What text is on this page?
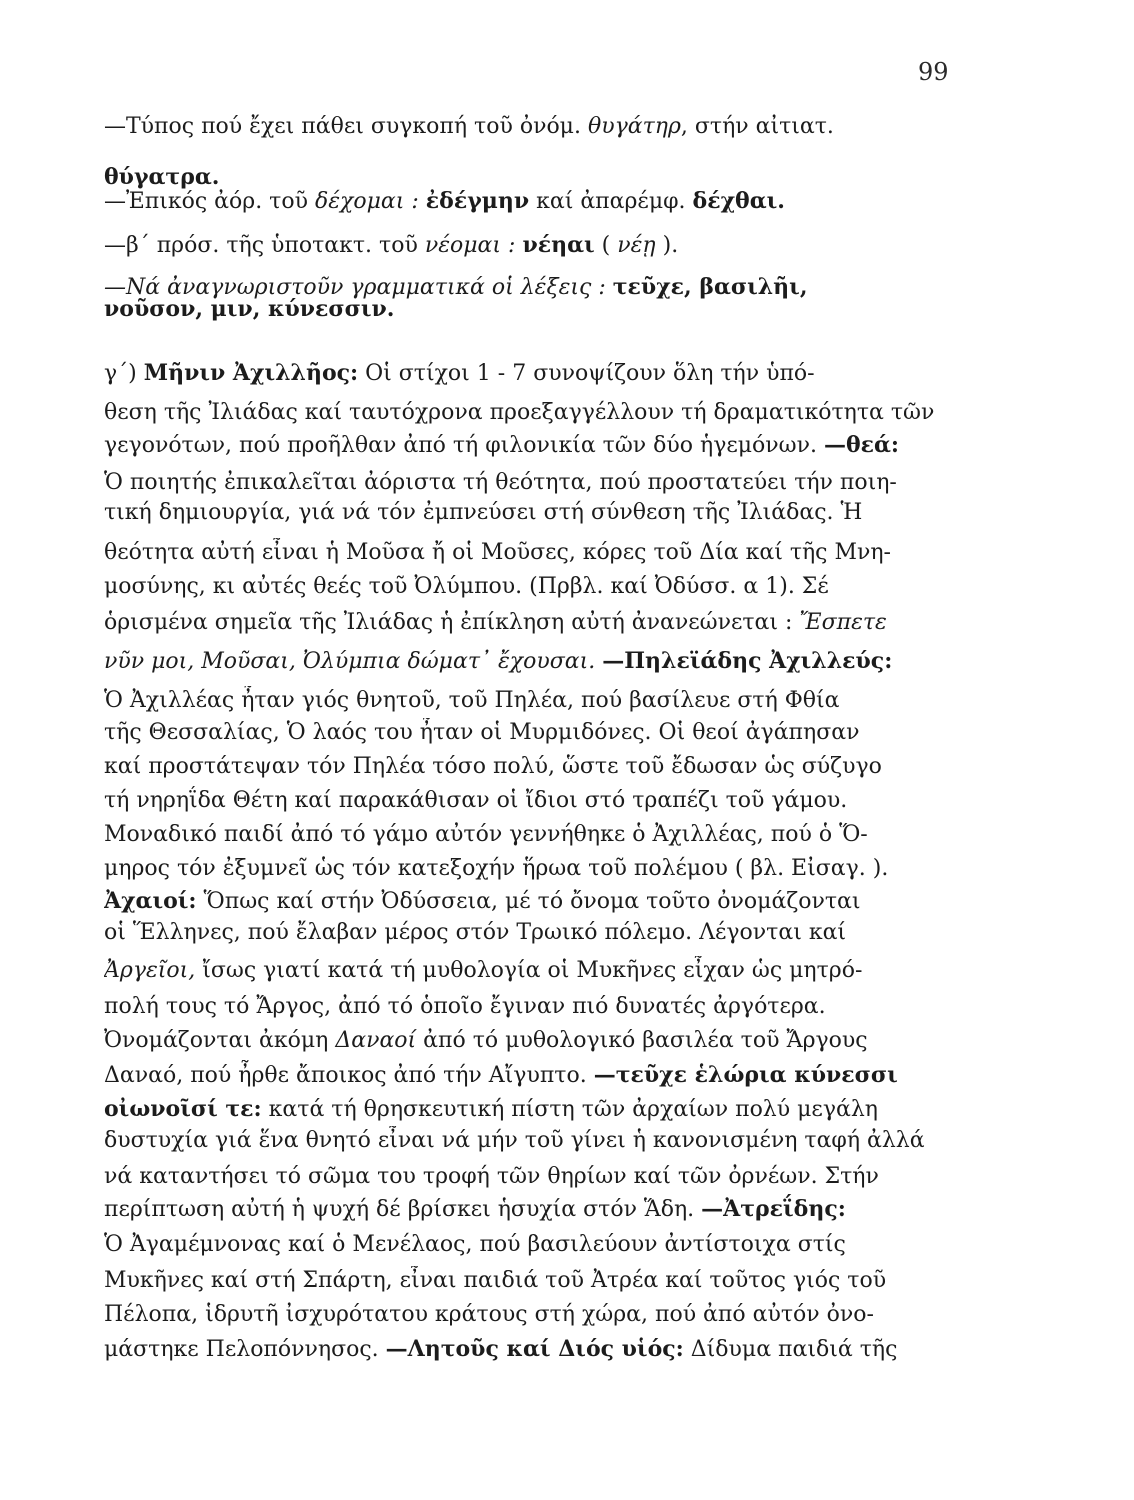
99
—Τύπος πού ἔχει πάθει συγκοπή τοῦ ὀνόμ. θυγάτηρ, στήν αἰτιατ.
θύγατρα.
—Ἐπικός ἀόρ. τοῦ δέχομαι : ἐδέγμην καί ἀπαρέμφ. δέχθαι.
—β΄ πρόσ. τῆς ὑποτακτ. τοῦ νέομαι : νέηαι ( νέῃ ).
—Νά ἀναγνωριστοῦν γραμματικά οἱ λέξεις : τεῦχε, βασιλῆι,
νοῦσον, μιν, κύνεσσιν.
γ΄) Μῆνιν Ἀχιλλῆος: Οἱ στίχοι 1 - 7 συνοψίζουν ὅλη τήν ὑπό-
θεση τῆς Ἰλιάδας καί ταυτόχρονα προεξαγγέλλουν τή δραματικότητα τῶν
γεγονότων, πού προῆλθαν ἀπό τή φιλονικία τῶν δύο ἡγεμόνων. —θεά:
Ὁ ποιητής ἐπικαλεῖται ἀόριστα τή θεότητα, πού προστατεύει τήν ποιη-
τική δημιουργία, γιά νά τόν ἐμπνεύσει στή σύνθεση τῆς Ἰλιάδας. Ἡ
θεότητα αὐτή εἶναι ἡ Μοῦσα ἤ οἱ Μοῦσες, κόρες τοῦ Δία καί τῆς Μνη-
μοσύνης, κι αὐτές θεές τοῦ Ὀλύμπου. (Πρβλ. καί Ὀδύσσ. α 1). Σέ
ὁρισμένα σημεῖα τῆς Ἰλιάδας ἡ ἐπίκληση αὐτή ἀνανεώνεται : Ἔσπετε
νῦν μοι, Μοῦσαι, Ὀλύμπια δώματ᾽ ἔχουσαι. —Πηλεϊάδης Ἀχιλλεύς:
Ὁ Ἀχιλλέας ἦταν γιός θνητοῦ, τοῦ Πηλέα, πού βασίλευε στή Φθία
τῆς Θεσσαλίας, Ὁ λαός του ἦταν οἱ Μυρμιδόνες. Οἱ θεοί ἀγάπησαν
καί προστάτεψαν τόν Πηλέα τόσο πολύ, ὥστε τοῦ ἔδωσαν ὡς σύζυγο
τή νηρηΐδα Θέτη καί παρακάθισαν οἱ ἴδιοι στό τραπέζι τοῦ γάμου.
Μοναδικό παιδί ἀπό τό γάμο αὐτόν γεννήθηκε ὁ Ἀχιλλέας, πού ὁ Ὅ-
μηρος τόν ἐξυμνεῖ ὡς τόν κατεξοχήν ἥρωα τοῦ πολέμου ( βλ. Εἰσαγ. ).
Ἀχαιοί: Ὅπως καί στήν Ὀδύσσεια, μέ τό ὄνομα τοῦτο ὀνομάζονται
οἱ Ἕλληνες, πού ἔλαβαν μέρος στόν Τρωικό πόλεμο. Λέγονται καί
Ἀργεῖοι, ἴσως γιατί κατά τή μυθολογία οἱ Μυκῆνες εἶχαν ὡς μητρό-
πολή τους τό Ἄργος, ἀπό τό ὁποῖο ἔγιναν πιό δυνατές ἀργότερα.
Ὀνομάζονται ἀκόμη Δαναοί ἀπό τό μυθολογικό βασιλέα τοῦ Ἄργους
Δαναό, πού ἦρθε ἄποικος ἀπό τήν Αἴγυπτο. —τεῦχε ἑλώρια κύνεσσι
οἰωνοῖσί τε: κατά τή θρησκευτική πίστη τῶν ἀρχαίων πολύ μεγάλη
δυστυχία γιά ἕνα θνητό εἶναι νά μήν τοῦ γίνει ἡ κανονισμένη ταφή ἀλλά
νά καταντήσει τό σῶμα του τροφή τῶν θηρίων καί τῶν ὀρνέων. Στήν
περίπτωση αὐτή ἡ ψυχή δέ βρίσκει ἡσυχία στόν Ἅδη. —Ἀτρεΐδης:
Ὁ Ἀγαμέμνονας καί ὁ Μενέλαος, πού βασιλεύουν ἀντίστοιχα στίς
Μυκῆνες καί στή Σπάρτη, εἶναι παιδιά τοῦ Ἀτρέα καί τοῦτος γιός τοῦ
Πέλοπα, ἱδρυτῆ ἰσχυρότατου κράτους στή χώρα, πού ἀπό αὐτόν ὀνο-
μάστηκε Πελοπόννησος. —Λητοῦς καί Διός υἱός: Δίδυμα παιδιά τῆς
